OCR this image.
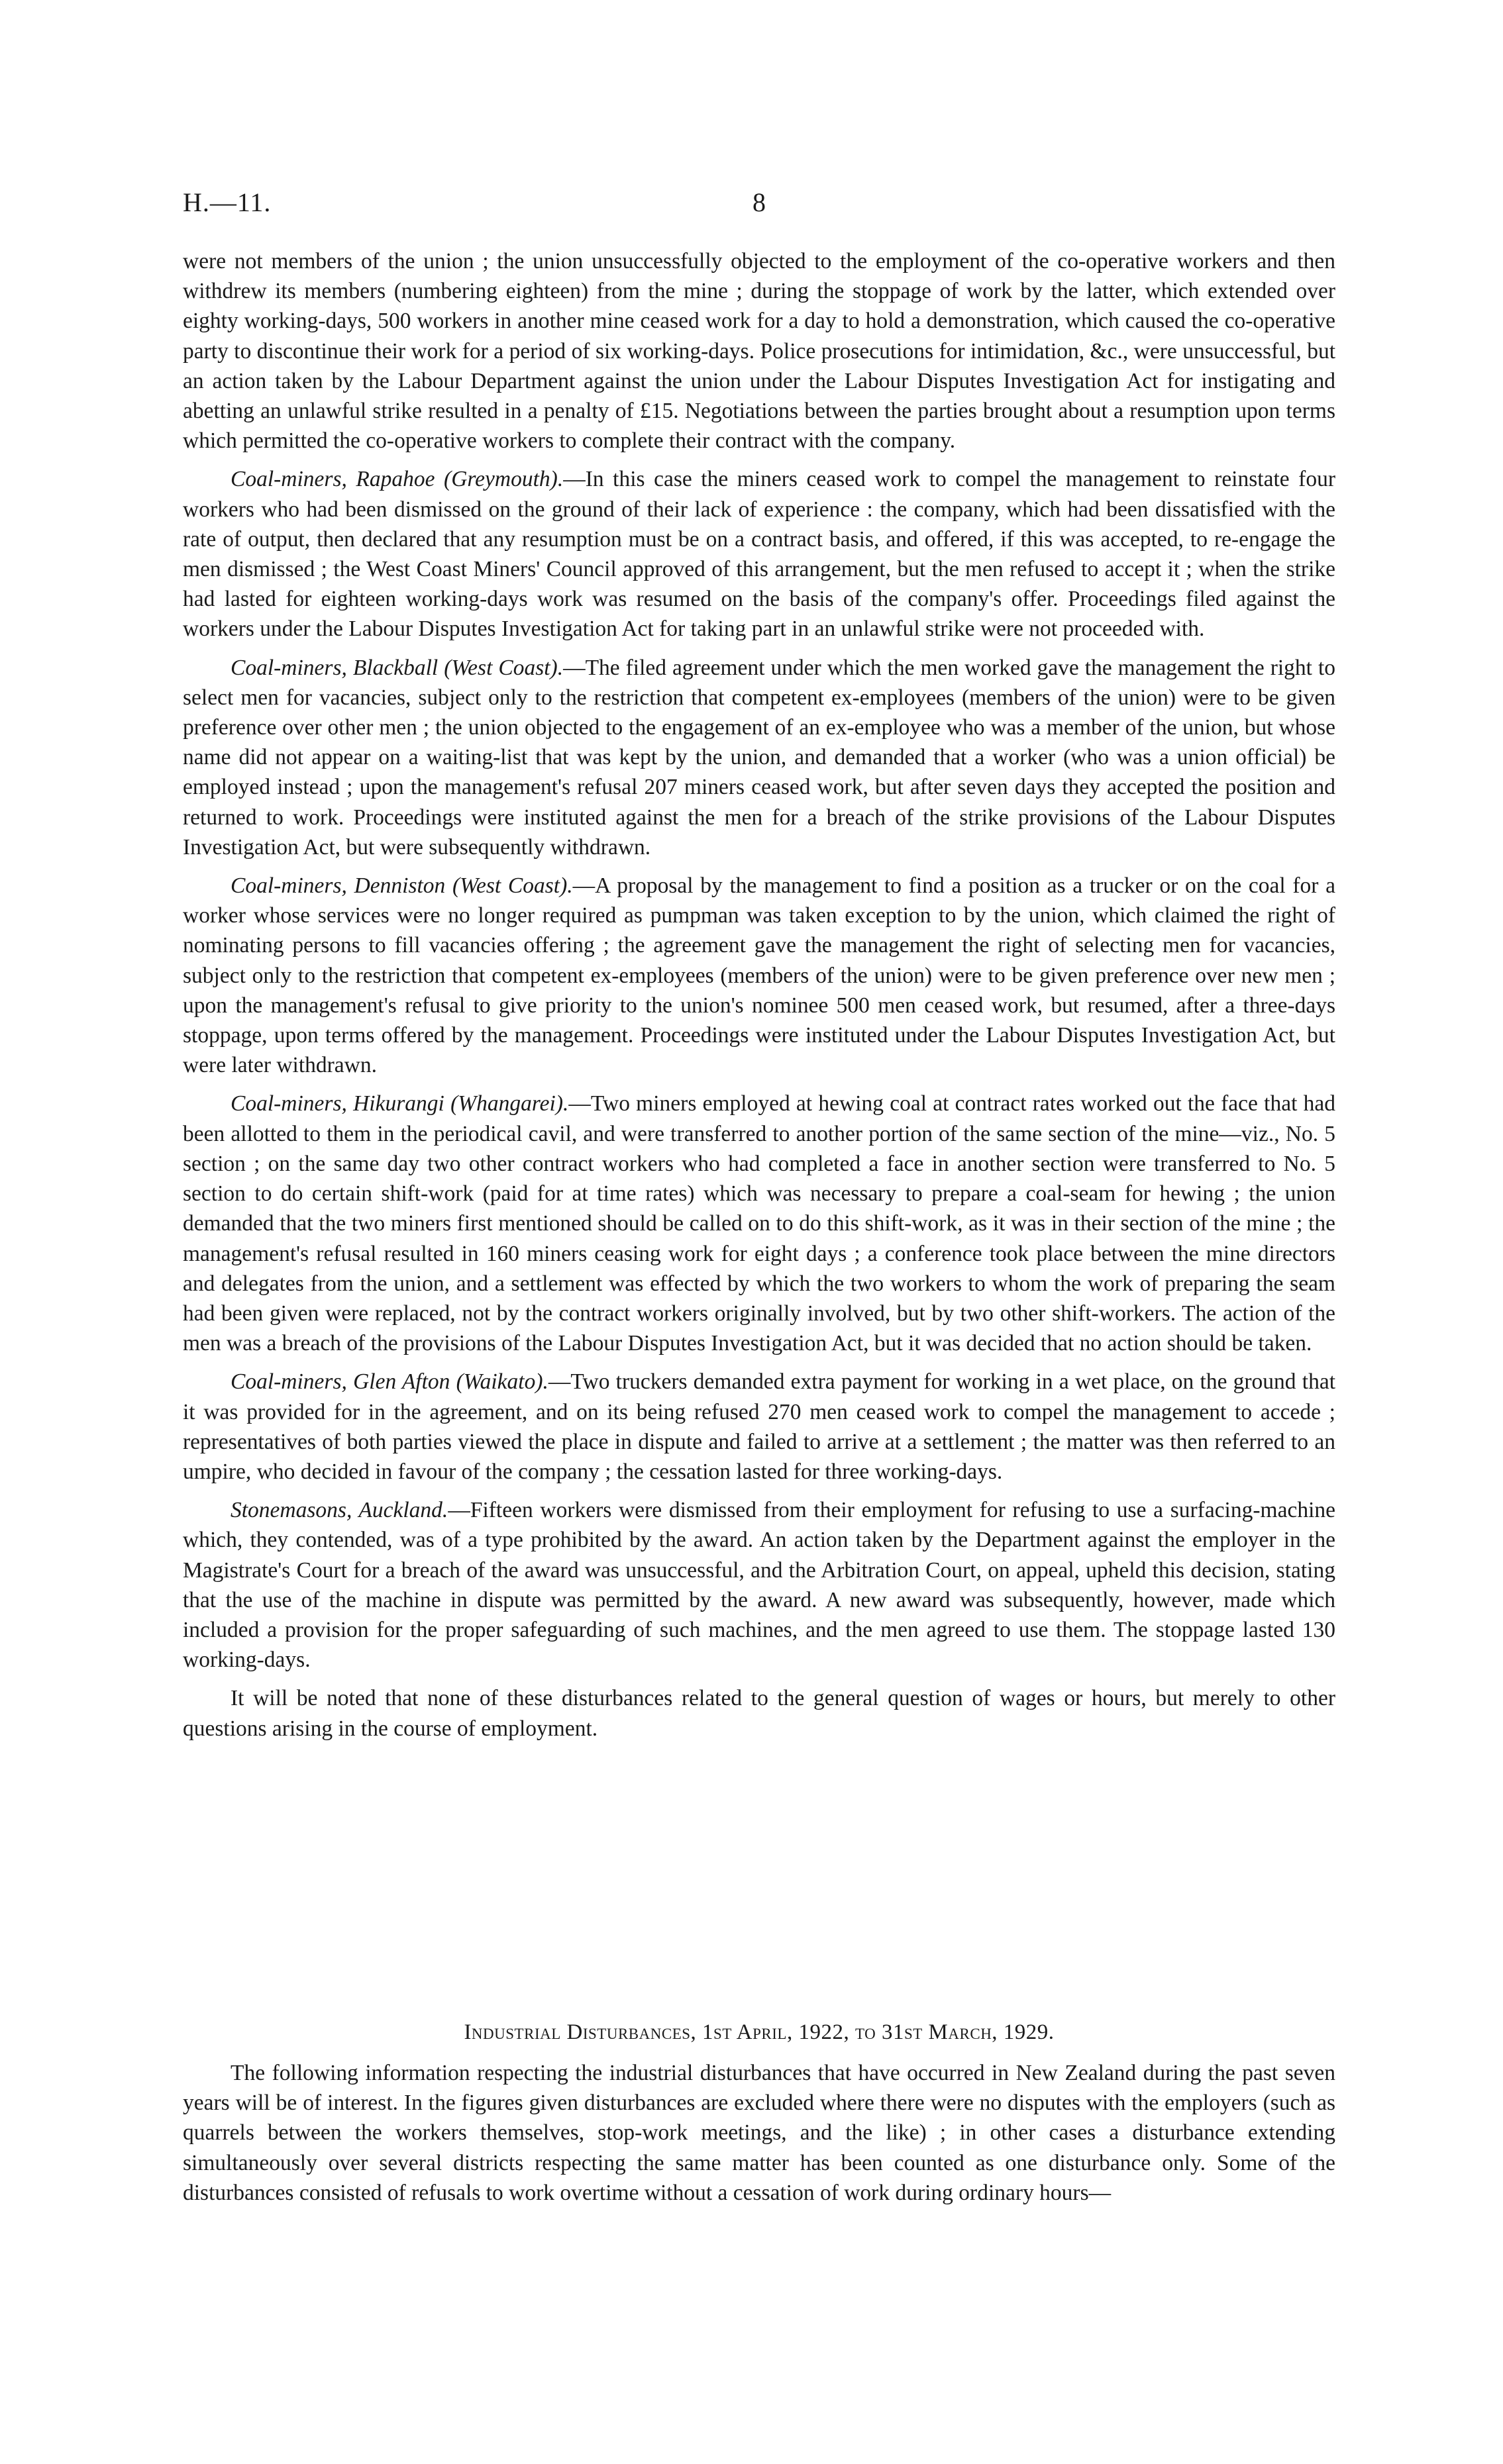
H.—11.	8

were not members of the union ; the union unsuccessfully objected to the employment of the co-operative workers and then withdrew its members (numbering eighteen) from the mine ; during the stoppage of work by the latter, which extended over eighty working-days, 500 workers in another mine ceased work for a day to hold a demonstration, which caused the co-operative party to discontinue their work for a period of six working-days. Police prosecutions for intimidation, &c., were unsuccessful, but an action taken by the Labour Department against the union under the Labour Disputes Investigation Act for instigating and abetting an unlawful strike resulted in a penalty of £15. Negotiations between the parties brought about a resumption upon terms which permitted the co-operative workers to complete their contract with the company.

Coal-miners, Rapahoe (Greymouth).—In this case the miners ceased work to compel the management to reinstate four workers who had been dismissed on the ground of their lack of experience : the company, which had been dissatisfied with the rate of output, then declared that any resumption must be on a contract basis, and offered, if this was accepted, to re-engage the men dismissed ; the West Coast Miners' Council approved of this arrangement, but the men refused to accept it ; when the strike had lasted for eighteen working-days work was resumed on the basis of the company's offer. Proceedings filed against the workers under the Labour Disputes Investigation Act for taking part in an unlawful strike were not proceeded with.

Coal-miners, Blackball (West Coast).—The filed agreement under which the men worked gave the management the right to select men for vacancies, subject only to the restriction that competent ex-employees (members of the union) were to be given preference over other men ; the union objected to the engagement of an ex-employee who was a member of the union, but whose name did not appear on a waiting-list that was kept by the union, and demanded that a worker (who was a union official) be employed instead ; upon the management's refusal 207 miners ceased work, but after seven days they accepted the position and returned to work. Proceedings were instituted against the men for a breach of the strike provisions of the Labour Disputes Investigation Act, but were subsequently withdrawn.

Coal-miners, Denniston (West Coast).—A proposal by the management to find a position as a trucker or on the coal for a worker whose services were no longer required as pumpman was taken exception to by the union, which claimed the right of nominating persons to fill vacancies offering ; the agreement gave the management the right of selecting men for vacancies, subject only to the restriction that competent ex-employees (members of the union) were to be given preference over new men ; upon the management's refusal to give priority to the union's nominee 500 men ceased work, but resumed, after a three-days stoppage, upon terms offered by the management. Proceedings were instituted under the Labour Disputes Investigation Act, but were later withdrawn.

Coal-miners, Hikurangi (Whangarei).—Two miners employed at hewing coal at contract rates worked out the face that had been allotted to them in the periodical cavil, and were transferred to another portion of the same section of the mine—viz., No. 5 section ; on the same day two other contract workers who had completed a face in another section were transferred to No. 5 section to do certain shift-work (paid for at time rates) which was necessary to prepare a coal-seam for hewing ; the union demanded that the two miners first mentioned should be called on to do this shift-work, as it was in their section of the mine ; the management's refusal resulted in 160 miners ceasing work for eight days ; a conference took place between the mine directors and delegates from the union, and a settlement was effected by which the two workers to whom the work of preparing the seam had been given were replaced, not by the contract workers originally involved, but by two other shift-workers. The action of the men was a breach of the provisions of the Labour Disputes Investigation Act, but it was decided that no action should be taken.

Coal-miners, Glen Afton (Waikato).—Two truckers demanded extra payment for working in a wet place, on the ground that it was provided for in the agreement, and on its being refused 270 men ceased work to compel the management to accede ; representatives of both parties viewed the place in dispute and failed to arrive at a settlement ; the matter was then referred to an umpire, who decided in favour of the company ; the cessation lasted for three working-days.

Stonemasons, Auckland.—Fifteen workers were dismissed from their employment for refusing to use a surfacing-machine which, they contended, was of a type prohibited by the award. An action taken by the Department against the employer in the Magistrate's Court for a breach of the award was unsuccessful, and the Arbitration Court, on appeal, upheld this decision, stating that the use of the machine in dispute was permitted by the award. A new award was subsequently, however, made which included a provision for the proper safeguarding of such machines, and the men agreed to use them. The stoppage lasted 130 working-days.

It will be noted that none of these disturbances related to the general question of wages or hours, but merely to other questions arising in the course of employment.

Industrial Disturbances, 1st April, 1922, to 31st March, 1929.

The following information respecting the industrial disturbances that have occurred in New Zealand during the past seven years will be of interest. In the figures given disturbances are excluded where there were no disputes with the employers (such as quarrels between the workers themselves, stop-work meetings, and the like) ; in other cases a disturbance extending simultaneously over several districts respecting the same matter has been counted as one disturbance only. Some of the disturbances consisted of refusals to work overtime without a cessation of work during ordinary hours—
